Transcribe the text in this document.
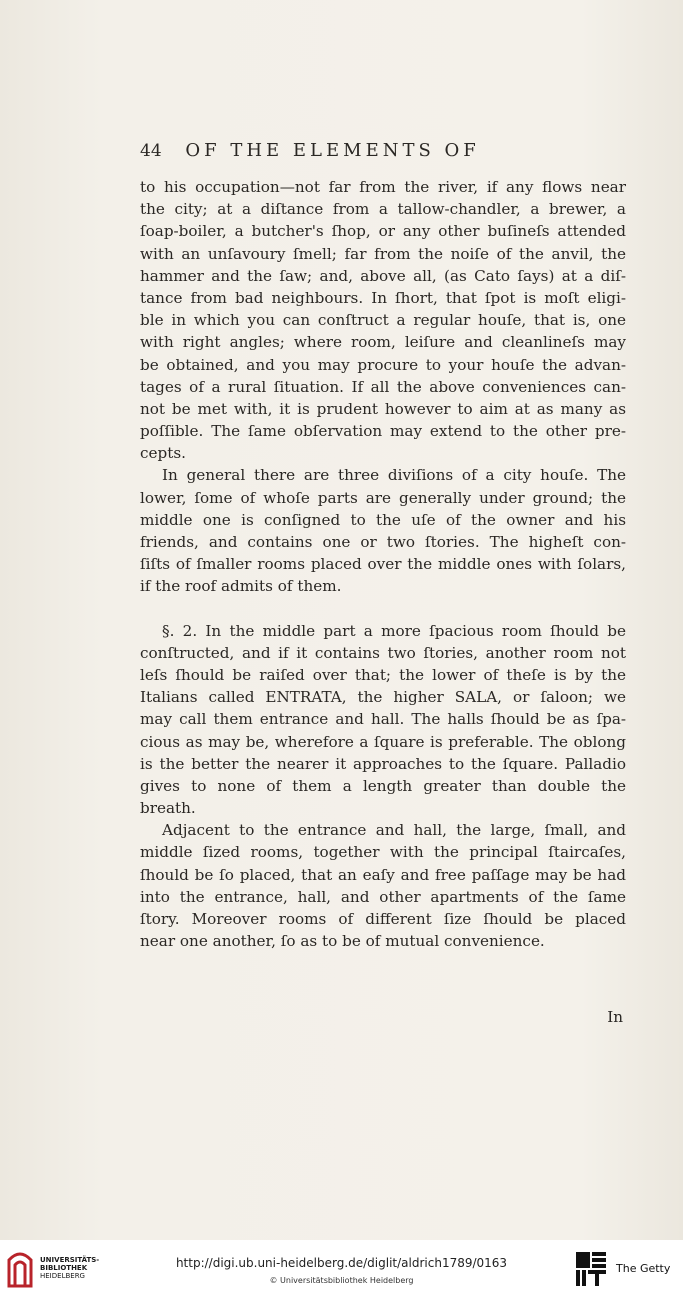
44 OF THE ELEMENTS OF
to his occupation—not far from the river, if any flows near
the city; at a diſtance from a tallow-chandler, a brewer, a
ſoap-boiler, a butcher's ſhop, or any other buſineſs attended
with an unſavoury ſmell; far from the noiſe of the anvil, the
hammer and the ſaw; and, above all, (as Cato ſays) at a diſ-
tance from bad neighbours. In ſhort, that ſpot is moſt eligi-
ble in which you can conſtruct a regular houſe, that is, one
with right angles; where room, leiſure and cleanlineſs may
be obtained, and you may procure to your houſe the advan-
tages of a rural ſituation. If all the above conveniences can-
not be met with, it is prudent however to aim at as many as
poſſible. The ſame obſervation may extend to the other pre-
cepts.
In general there are three diviſions of a city houſe. The
lower, ſome of whoſe parts are generally under ground; the
middle one is conſigned to the uſe of the owner and his
friends, and contains one or two ſtories. The higheſt con-
ſiſts of ſmaller rooms placed over the middle ones with ſolars,
if the roof admits of them.
§. 2. In the middle part a more ſpacious room ſhould be
conſtructed, and if it contains two ſtories, another room not
leſs ſhould be raiſed over that; the lower of theſe is by the
Italians called ENTRATA, the higher SALA, or ſaloon; we
may call them entrance and hall. The halls ſhould be as ſpa-
cious as may be, wherefore a ſquare is preferable. The oblong
is the better the nearer it approaches to the ſquare. Palladio
gives to none of them a length greater than double the
breath.
Adjacent to the entrance and hall, the large, ſmall, and
middle ſized rooms, together with the principal ſtaircaſes,
ſhould be ſo placed, that an eaſy and free paſſage may be had
into the entrance, hall, and other apartments of the ſame
ſtory. Moreover rooms of different ſize ſhould be placed
near one another, ſo as to be of mutual convenience.
In
UNIVERSITÄTS-
BIBLIOTHEK
HEIDELBERG
http://digi.ub.uni-heidelberg.de/diglit/aldrich1789/0163
© Universitätsbibliothek Heidelberg
The Getty
